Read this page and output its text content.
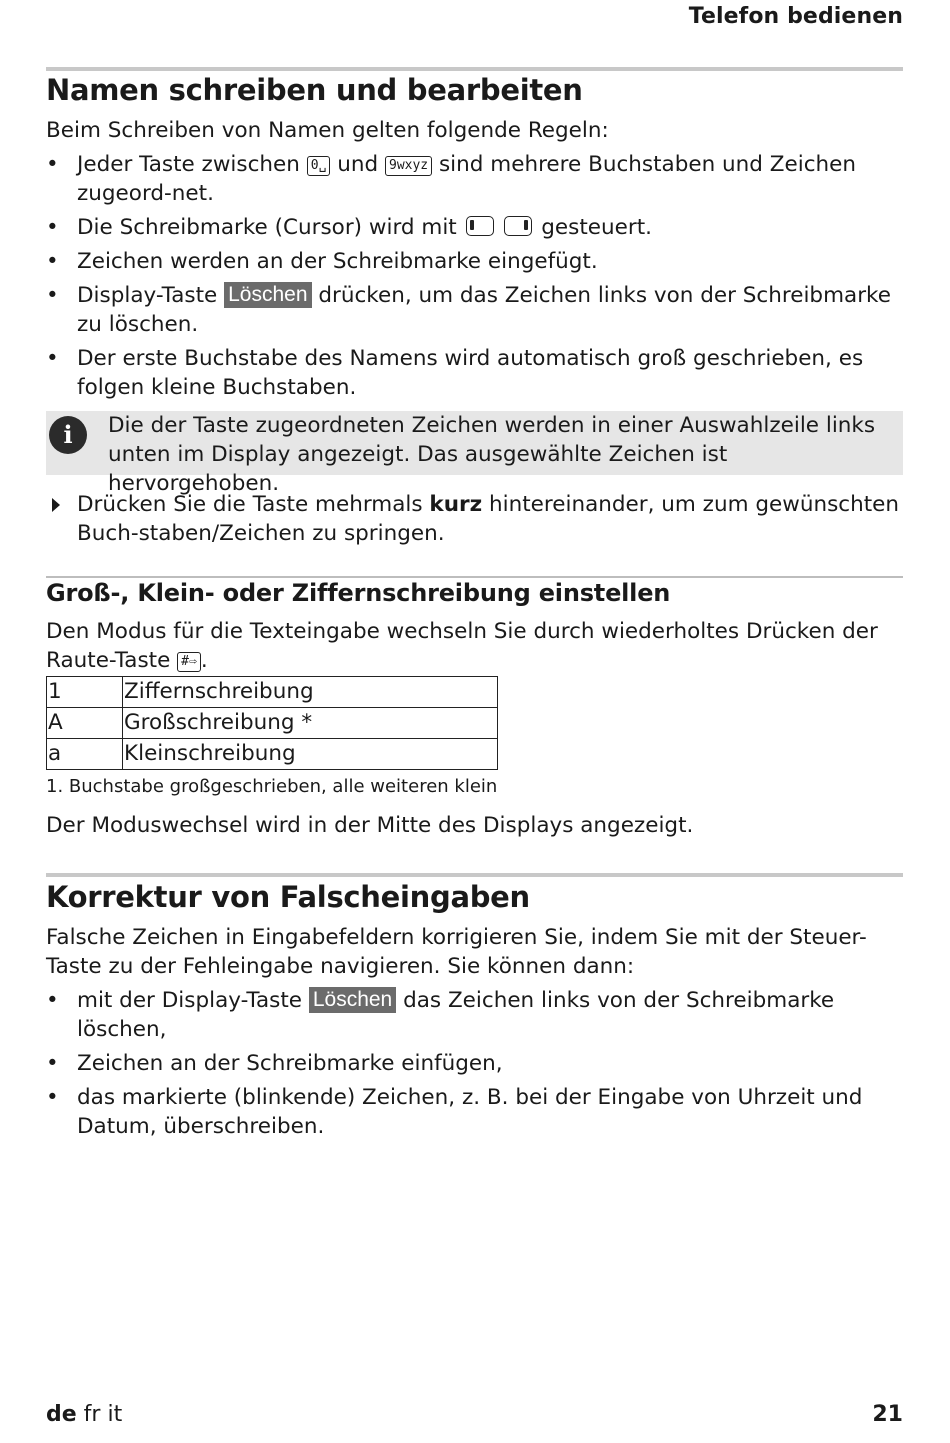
Telefon bedienen
Namen schreiben und bearbeiten
Beim Schreiben von Namen gelten folgende Regeln:
• Jeder Taste zwischen 0␣ und 9wxyz sind mehrere Buchstaben und Zeichen zugeord-net.
• Die Schreibmarke (Cursor) wird mit	gesteuert.
• Zeichen werden an der Schreibmarke eingefügt.
• Display-Taste Löschen drücken, um das Zeichen links von der Schreibmarke zu löschen.
• Der erste Buchstabe des Namens wird automatisch groß geschrieben, es folgen kleine Buchstaben.
i	Die der Taste zugeordneten Zeichen werden in einer Auswahlzeile links unten im Display angezeigt. Das ausgewählte Zeichen ist hervorgehoben.
Drücken Sie die Taste mehrmals kurz hintereinander, um zum gewünschten Buch-staben/Zeichen zu springen.
Groß-, Klein- oder Ziffernschreibung einstellen
Den Modus für die Texteingabe wechseln Sie durch wiederholtes Drücken der Raute-Taste #⇨ .
1	Ziffernschreibung
A	Großschreibung *
a	Kleinschreibung
1. Buchstabe großgeschrieben, alle weiteren klein
Der Moduswechsel wird in der Mitte des Displays angezeigt.
Korrektur von Falscheingaben
Falsche Zeichen in Eingabefeldern korrigieren Sie, indem Sie mit der Steuer-Taste zu der Fehleingabe navigieren. Sie können dann:
• mit der Display-Taste Löschen das Zeichen links von der Schreibmarke löschen,
• Zeichen an der Schreibmarke einfügen,
• das markierte (blinkende) Zeichen, z. B. bei der Eingabe von Uhrzeit und Datum, überschreiben.
de fr it	21
